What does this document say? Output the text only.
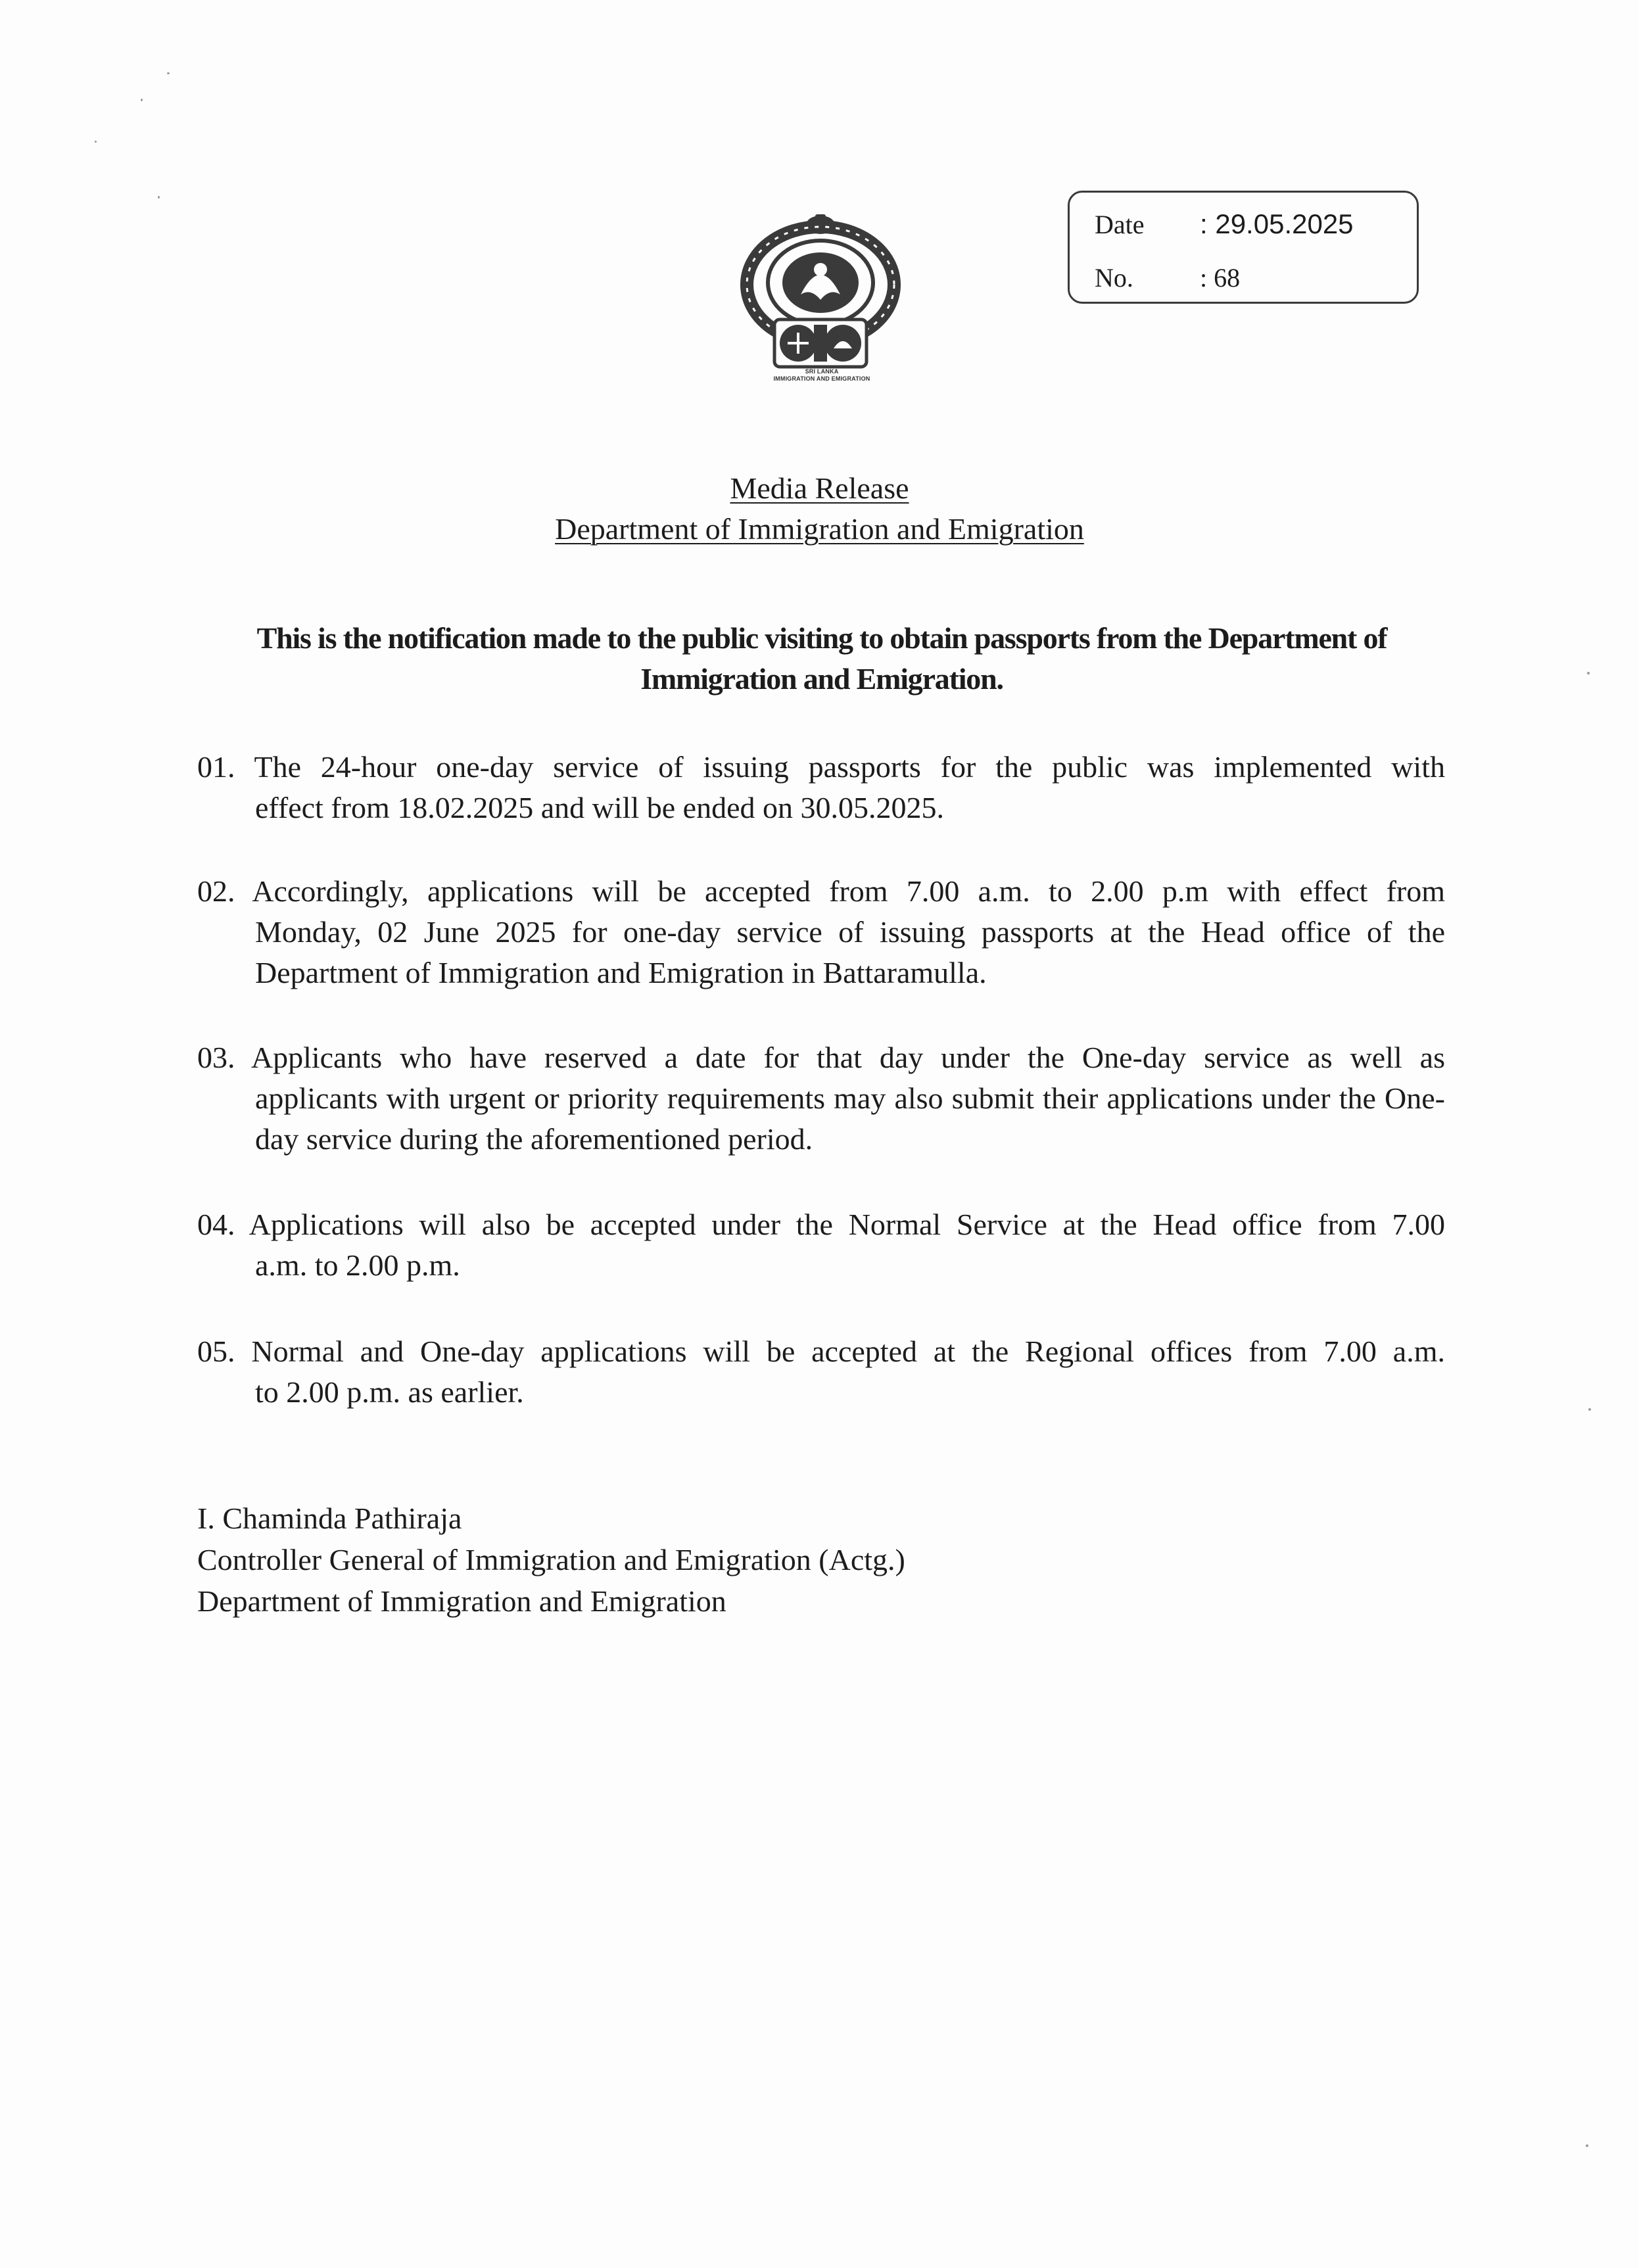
SRI LANKA
IMMIGRATION AND EMIGRATION
Date : 29.05.2025
No.	: 68
Media Release
Department of Immigration and Emigration
This is the notification made to the public visiting to obtain passports from the Department of Immigration and Emigration.
01. The 24-hour one-day service of issuing passports for the public was implemented with
effect from 18.02.2025 and will be ended on 30.05.2025.
02. Accordingly, applications will be accepted from 7.00 a.m. to 2.00 p.m with effect from
Monday, 02 June 2025 for one-day service of issuing passports at the Head office of the Department of Immigration and Emigration in Battaramulla.
03. Applicants who have reserved a date for that day under the One-day service as well as
applicants with urgent or priority requirements may also submit their applications under the One-day service during the aforementioned period.
04. Applications will also be accepted under the Normal Service at the Head office from 7.00
a.m. to 2.00 p.m.
05. Normal and One-day applications will be accepted at the Regional offices from 7.00 a.m.
to 2.00 p.m. as earlier.
I. Chaminda Pathiraja
Controller General of Immigration and Emigration (Actg.)
Department of Immigration and Emigration
